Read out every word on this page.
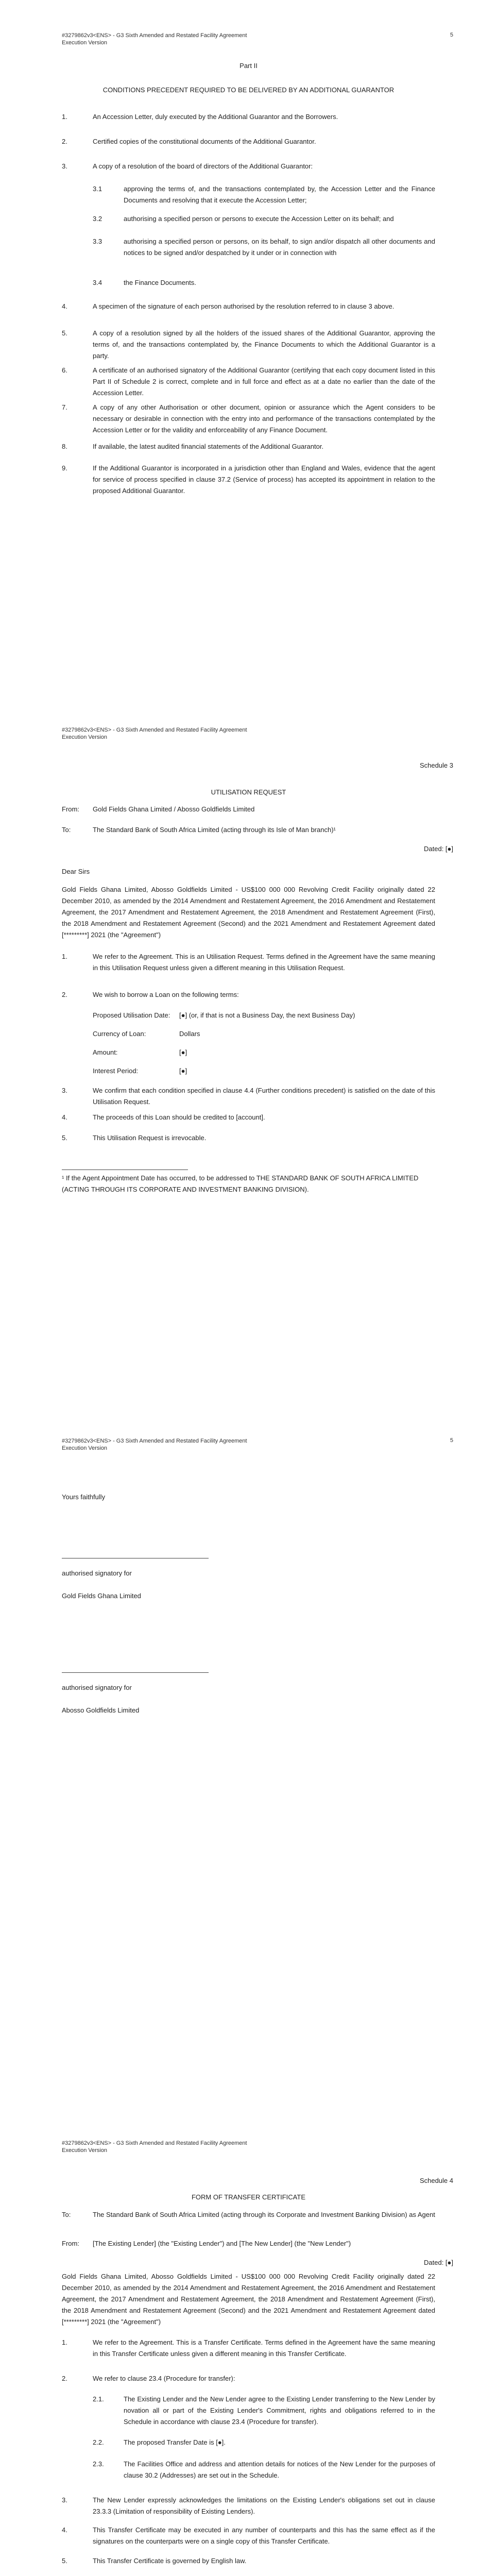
#3279862v3<ENS> - G3 Sixth Amended and Restated Facility Agreement
Execution Version
5
Part II
CONDITIONS PRECEDENT REQUIRED TO BE DELIVERED BY AN ADDITIONAL GUARANTOR
1.	An Accession Letter, duly executed by the Additional Guarantor and the Borrowers.
2.	Certified copies of the constitutional documents of the Additional Guarantor.
3.	A copy of a resolution of the board of directors of the Additional Guarantor:
3.1	approving the terms of, and the transactions contemplated by, the Accession Letter and the Finance Documents and resolving that it execute the Accession Letter;
3.2	authorising a specified person or persons to execute the Accession Letter on its behalf; and
3.3	authorising a specified person or persons, on its behalf, to sign and/or dispatch all other documents and notices to be signed and/or despatched by it under or in connection with
3.4	the Finance Documents.
4.	A specimen of the signature of each person authorised by the resolution referred to in clause 3 above.
5.	A copy of a resolution signed by all the holders of the issued shares of the Additional Guarantor, approving the terms of, and the transactions contemplated by, the Finance Documents to which the Additional Guarantor is a party.
6.	A certificate of an authorised signatory of the Additional Guarantor (certifying that each copy document listed in this Part II of Schedule 2 is correct, complete and in full force and effect as at a date no earlier than the date of the Accession Letter.
7.	A copy of any other Authorisation or other document, opinion or assurance which the Agent considers to be necessary or desirable in connection with the entry into and performance of the transactions contemplated by the Accession Letter or for the validity and enforceability of any Finance Document.
8.	If available, the latest audited financial statements of the Additional Guarantor.
9.	If the Additional Guarantor is incorporated in a jurisdiction other than England and Wales, evidence that the agent for service of process specified in clause 37.2 (Service of process) has accepted its appointment in relation to the proposed Additional Guarantor.
#3279862v3<ENS> - G3 Sixth Amended and Restated Facility Agreement
Execution Version
Schedule 3
UTILISATION REQUEST
From: Gold Fields Ghana Limited / Abosso Goldfields Limited
To:	The Standard Bank of South Africa Limited (acting through its Isle of Man branch)¹
Dated: [●]
Dear Sirs
Gold Fields Ghana Limited, Abosso Goldfields Limited - US$100 000 000 Revolving Credit Facility originally dated 22 December 2010, as amended by the 2014 Amendment and Restatement Agreement, the 2016 Amendment and Restatement Agreement, the 2017 Amendment and Restatement Agreement, the 2018 Amendment and Restatement Agreement (First), the 2018 Amendment and Restatement Agreement (Second) and the 2021 Amendment and Restatement Agreement dated [*********] 2021 (the "Agreement")
1.	We refer to the Agreement. This is an Utilisation Request. Terms defined in the Agreement have the same meaning in this Utilisation Request unless given a different meaning in this Utilisation Request.
2.	We wish to borrow a Loan on the following terms:
Proposed Utilisation Date: [●] (or, if that is not a Business Day, the next Business Day)
Currency of Loan:	Dollars
Amount:	[●]
Interest Period:	[●]
3.	We confirm that each condition specified in clause 4.4 (Further conditions precedent) is satisfied on the date of this Utilisation Request.
4.	The proceeds of this Loan should be credited to [account].
5.	This Utilisation Request is irrevocable.
¹ If the Agent Appointment Date has occurred, to be addressed to THE STANDARD BANK OF SOUTH AFRICA LIMITED (ACTING THROUGH ITS CORPORATE AND INVESTMENT BANKING DIVISION).
#3279862v3<ENS> - G3 Sixth Amended and Restated Facility Agreement
Execution Version
5
Yours faithfully
authorised signatory for
Gold Fields Ghana Limited
authorised signatory for
Abosso Goldfields Limited
#3279862v3<ENS> - G3 Sixth Amended and Restated Facility Agreement
Execution Version
Schedule 4
FORM OF TRANSFER CERTIFICATE
To:	The Standard Bank of South Africa Limited (acting through its Corporate and Investment Banking Division) as Agent
From: [The Existing Lender] (the "Existing Lender") and [The New Lender] (the "New Lender")
Dated: [●]
Gold Fields Ghana Limited, Abosso Goldfields Limited - US$100 000 000 Revolving Credit Facility originally dated 22 December 2010, as amended by the 2014 Amendment and Restatement Agreement, the 2016 Amendment and Restatement Agreement, the 2017 Amendment and Restatement Agreement, the 2018 Amendment and Restatement Agreement (First), the 2018 Amendment and Restatement Agreement (Second) and the 2021 Amendment and Restatement Agreement dated [*********] 2021 (the "Agreement")
1.	We refer to the Agreement. This is a Transfer Certificate. Terms defined in the Agreement have the same meaning in this Transfer Certificate unless given a different meaning in this Transfer Certificate.
2.	We refer to clause 23.4 (Procedure for transfer):
2.1.	The Existing Lender and the New Lender agree to the Existing Lender transferring to the New Lender by novation all or part of the Existing Lender's Commitment, rights and obligations referred to in the Schedule in accordance with clause 23.4 (Procedure for transfer).
2.2.	The proposed Transfer Date is [●].
2.3.	The Facilities Office and address and attention details for notices of the New Lender for the purposes of clause 30.2 (Addresses) are set out in the Schedule.
3.	The New Lender expressly acknowledges the limitations on the Existing Lender's obligations set out in clause 23.3.3 (Limitation of responsibility of Existing Lenders).
4.	This Transfer Certificate may be executed in any number of counterparts and this has the same effect as if the signatures on the counterparts were on a single copy of this Transfer Certificate.
5.	This Transfer Certificate is governed by English law.
